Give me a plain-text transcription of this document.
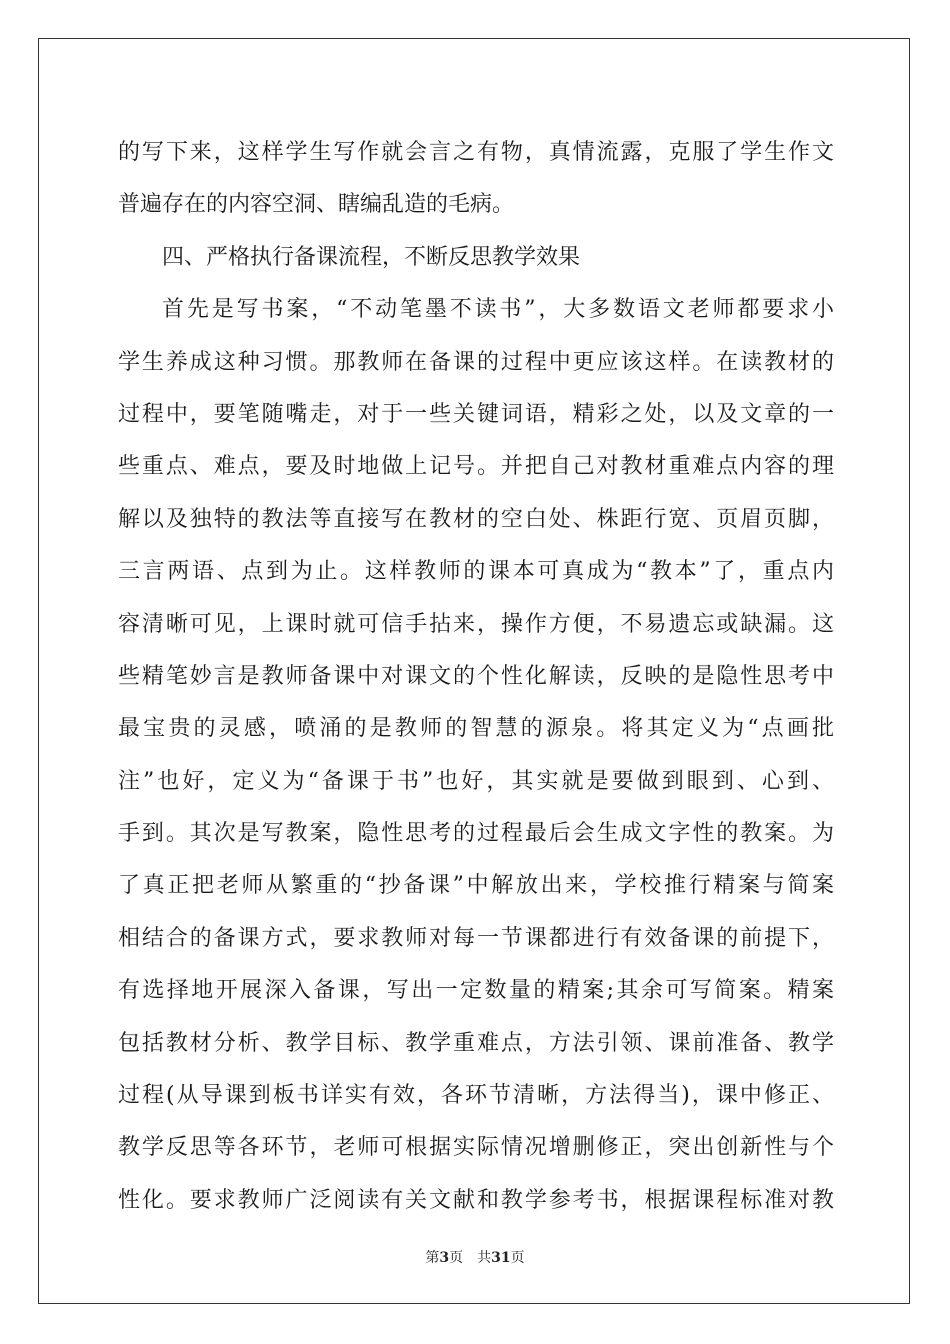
的写下来，这样学生写作就会言之有物，真情流露，克服了学生作文
普遍存在的内容空洞、瞎编乱造的毛病。
四、严格执行备课流程，不断反思教学效果
首先是写书案，“不动笔墨不读书”，大多数语文老师都要求小
学生养成这种习惯。那教师在备课的过程中更应该这样。在读教材的
过程中，要笔随嘴走，对于一些关键词语，精彩之处，以及文章的一
些重点、难点，要及时地做上记号。并把自己对教材重难点内容的理
解以及独特的教法等直接写在教材的空白处、株距行宽、页眉页脚，
三言两语、点到为止。这样教师的课本可真成为“教本”了，重点内
容清晰可见，上课时就可信手拈来，操作方便，不易遗忘或缺漏。这
些精笔妙言是教师备课中对课文的个性化解读，反映的是隐性思考中
最宝贵的灵感，喷涌的是教师的智慧的源泉。将其定义为“点画批
注”也好，定义为“备课于书”也好，其实就是要做到眼到、心到、
手到。其次是写教案，隐性思考的过程最后会生成文字性的教案。为
了真正把老师从繁重的“抄备课”中解放出来，学校推行精案与简案
相结合的备课方式，要求教师对每一节课都进行有效备课的前提下，
有选择地开展深入备课，写出一定数量的精案;其余可写简案。精案
包括教材分析、教学目标、教学重难点，方法引领、课前准备、教学
过程(从导课到板书详实有效，各环节清晰，方法得当)，课中修正、
教学反思等各环节，老师可根据实际情况增删修正，突出创新性与个
性化。要求教师广泛阅读有关文献和教学参考书，根据课程标准对教
第3页 共31页
